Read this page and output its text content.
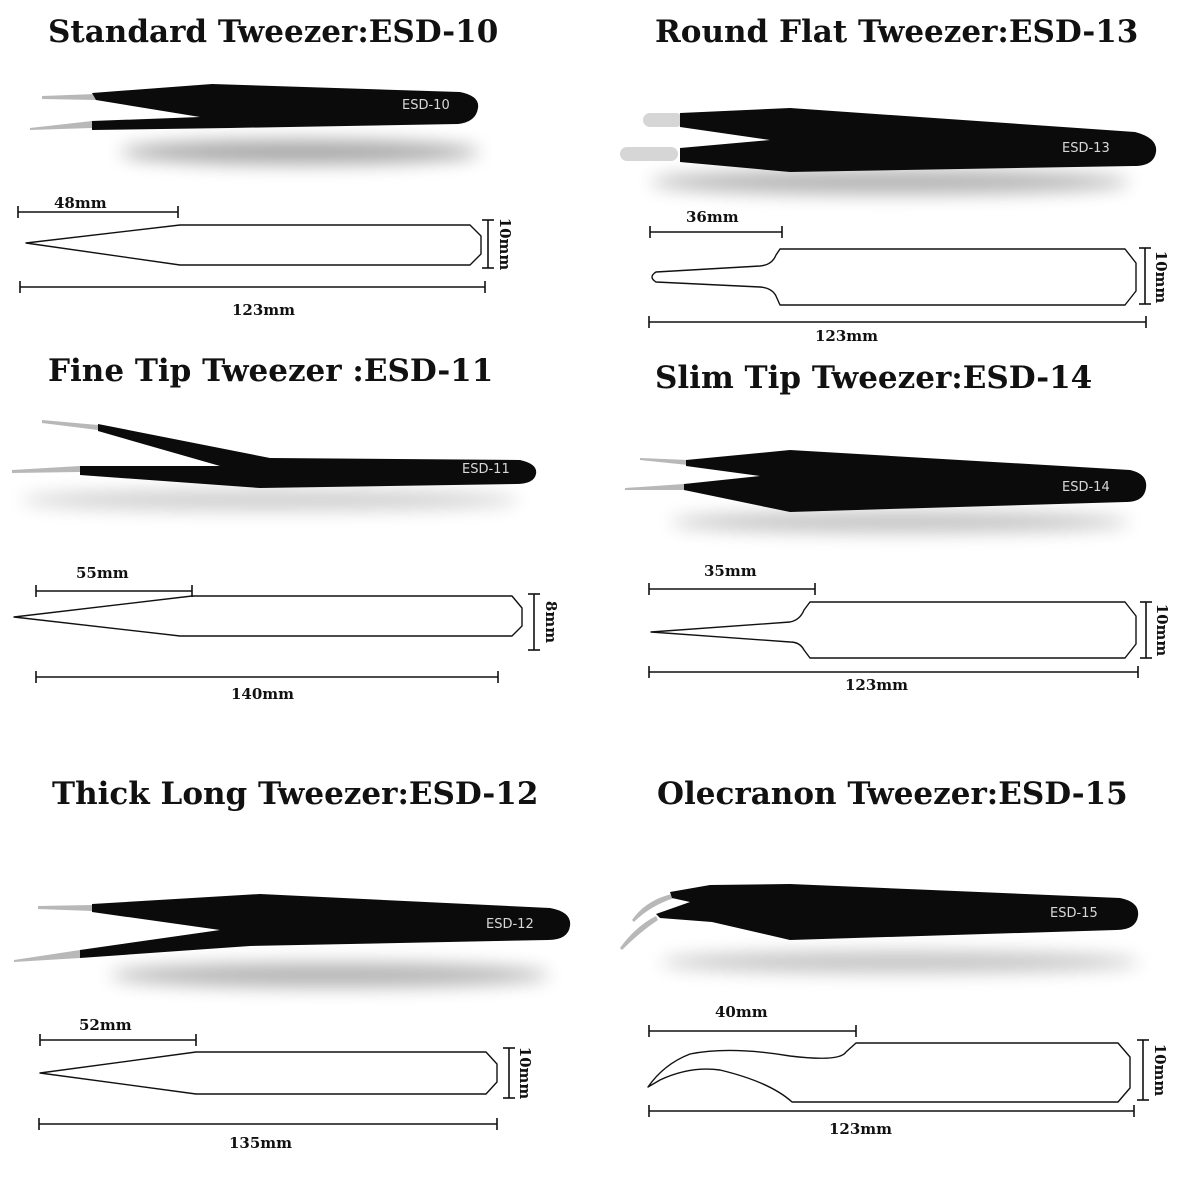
Standard Tweezer:ESD-10
ESD-10
48mm
10mm
123mm
Round Flat Tweezer:ESD-13
ESD-13
36mm
10mm
123mm
Fine Tip Tweezer :ESD-11
ESD-11
55mm
8mm
140mm
Slim Tip Tweezer:ESD-14
ESD-14
35mm
10mm
123mm
Thick Long Tweezer:ESD-12
ESD-12
52mm
10mm
135mm
Olecranon Tweezer:ESD-15
ESD-15
40mm
10mm
123mm
